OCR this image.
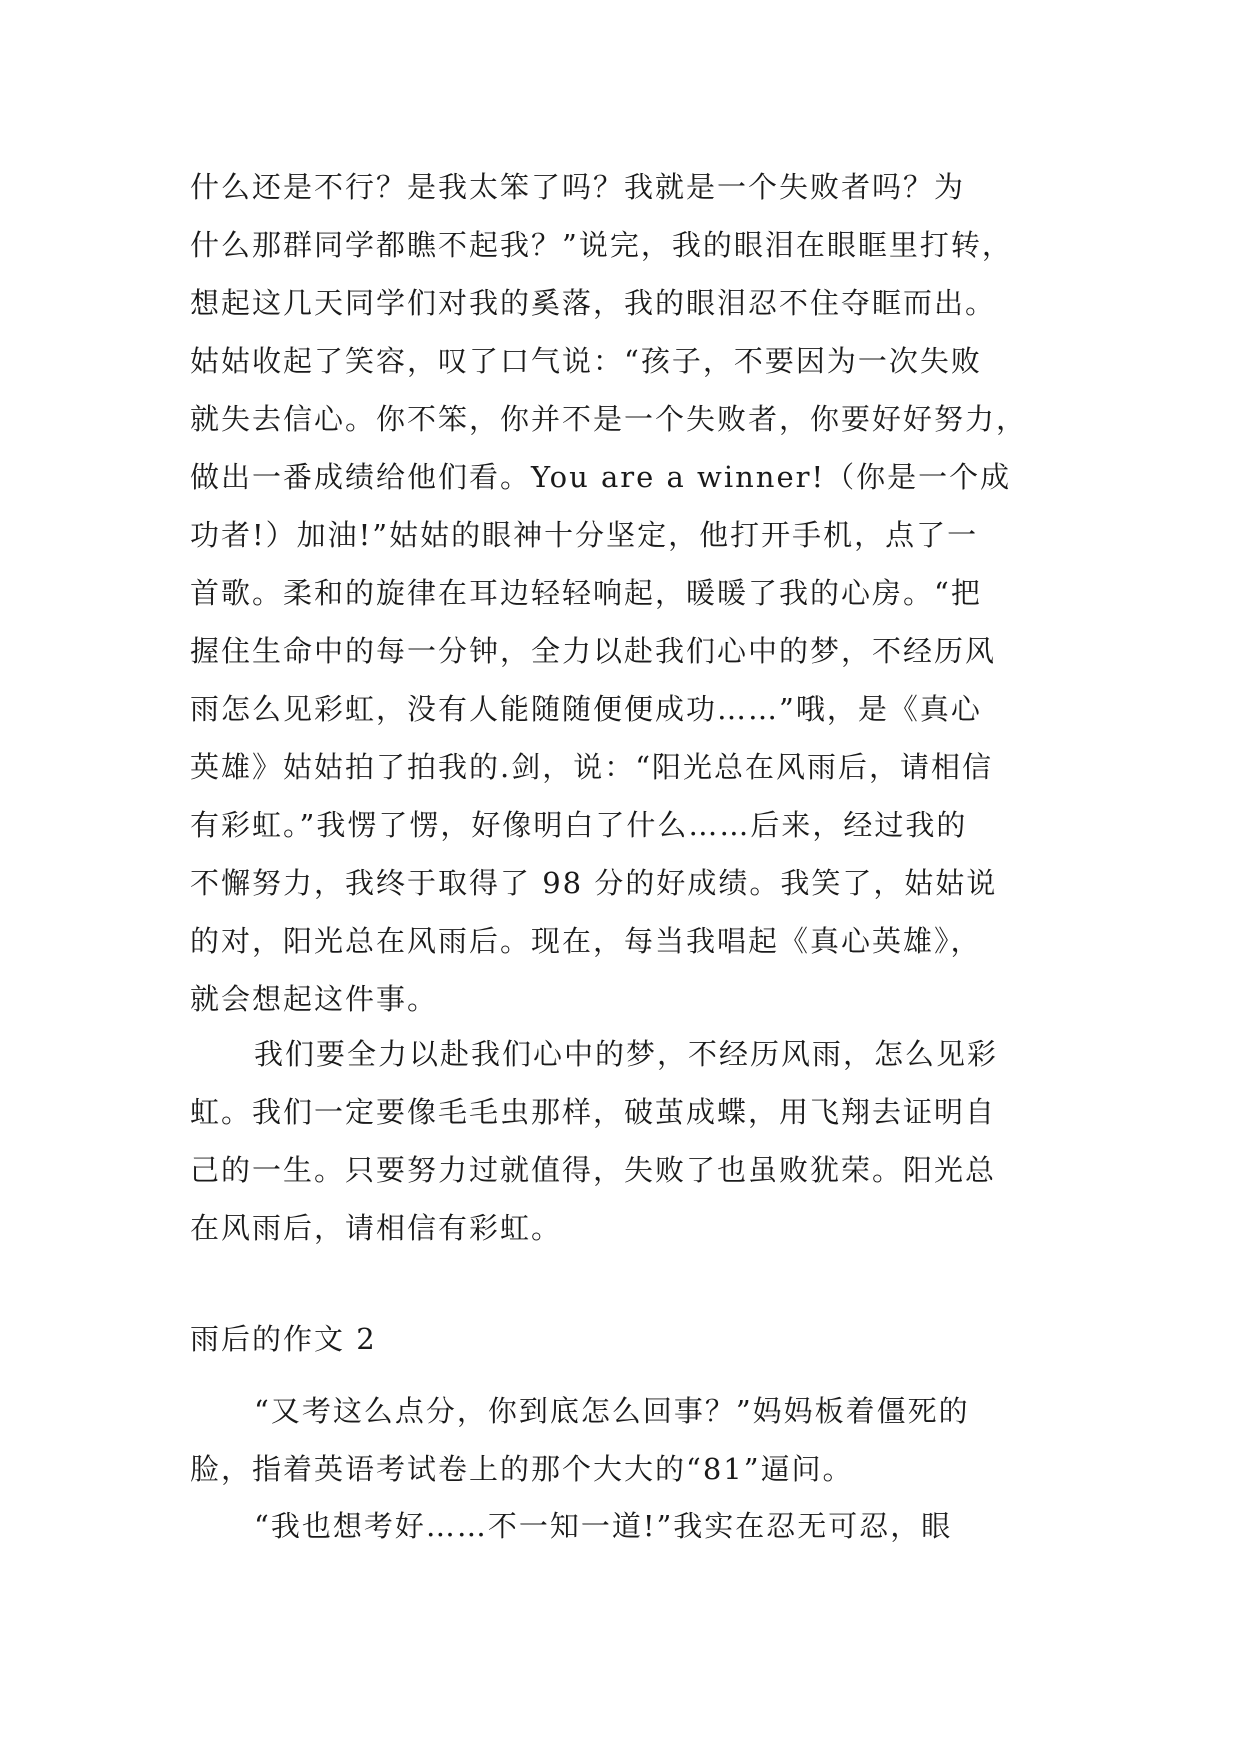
什么还是不行？是我太笨了吗？我就是一个失败者吗？为
什么那群同学都瞧不起我？”说完，我的眼泪在眼眶里打转，
想起这几天同学们对我的奚落，我的眼泪忍不住夺眶而出。
姑姑收起了笑容，叹了口气说：“孩子，不要因为一次失败
就失去信心。你不笨，你并不是一个失败者，你要好好努力，
做出一番成绩给他们看。You are a winner!（你是一个成
功者!）加油!”姑姑的眼神十分坚定，他打开手机，点了一
首歌。柔和的旋律在耳边轻轻响起，暖暖了我的心房。“把
握住生命中的每一分钟，全力以赴我们心中的梦，不经历风
雨怎么见彩虹，没有人能随随便便成功……”哦，是《真心
英雄》姑姑拍了拍我的.剑，说：“阳光总在风雨后，请相信
有彩虹。”我愣了愣，好像明白了什么……后来，经过我的
不懈努力，我终于取得了 98 分的好成绩。我笑了，姑姑说
的对，阳光总在风雨后。现在，每当我唱起《真心英雄》，
就会想起这件事。
我们要全力以赴我们心中的梦，不经历风雨，怎么见彩
虹。我们一定要像毛毛虫那样，破茧成蝶，用飞翔去证明自
己的一生。只要努力过就值得，失败了也虽败犹荣。阳光总
在风雨后，请相信有彩虹。
雨后的作文 2
“又考这么点分，你到底怎么回事？”妈妈板着僵死的
脸，指着英语考试卷上的那个大大的“81”逼问。
“我也想考好……不一知一道!”我实在忍无可忍，眼
